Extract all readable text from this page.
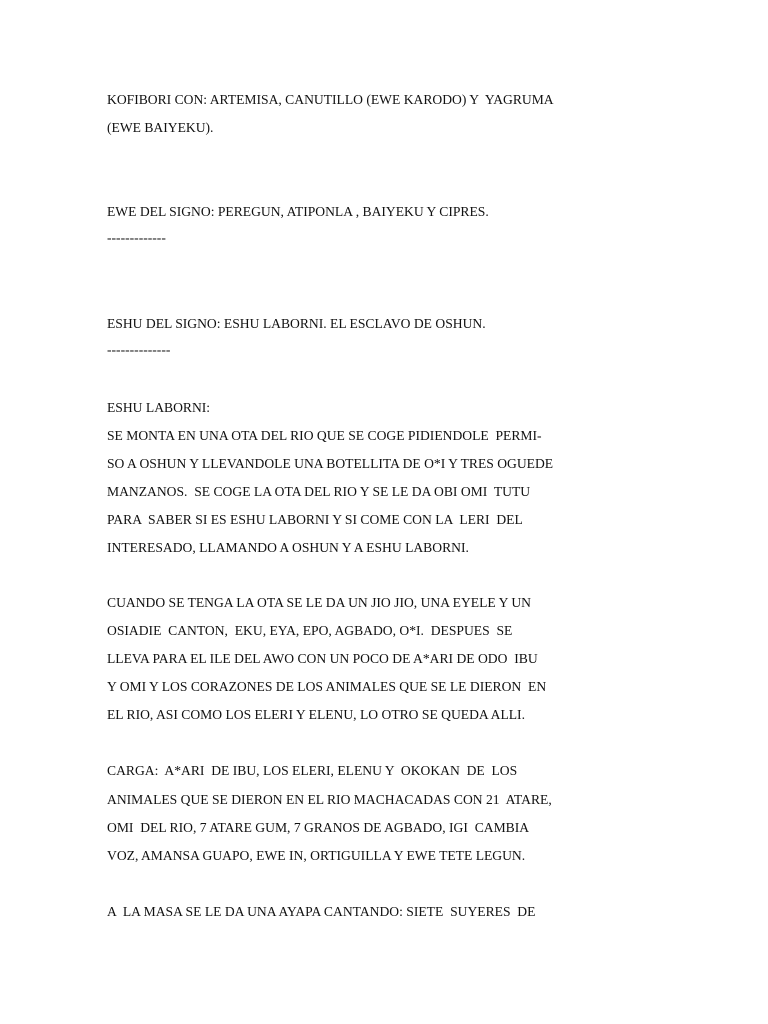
KOFIBORI CON: ARTEMISA, CANUTILLO (EWE KARODO) Y  YAGRUMA
(EWE BAIYEKU).
EWE DEL SIGNO: PEREGUN, ATIPONLA , BAIYEKU Y CIPRES.
-------------
ESHU DEL SIGNO: ESHU LABORNI. EL ESCLAVO DE OSHUN.
--------------
ESHU LABORNI:
SE MONTA EN UNA OTA DEL RIO QUE SE COGE PIDIENDOLE  PERMI-
SO A OSHUN Y LLEVANDOLE UNA BOTELLITA DE O*I Y TRES OGUEDE
MANZANOS.  SE COGE LA OTA DEL RIO Y SE LE DA OBI OMI  TUTU
PARA  SABER SI ES ESHU LABORNI Y SI COME CON LA  LERI  DEL
INTERESADO, LLAMANDO A OSHUN Y A ESHU LABORNI.
CUANDO SE TENGA LA OTA SE LE DA UN JIO JIO, UNA EYELE Y UN
OSIADIE  CANTON,  EKU, EYA, EPO, AGBADO, O*I.  DESPUES  SE
LLEVA PARA EL ILE DEL AWO CON UN POCO DE A*ARI DE ODO  IBU
Y OMI Y LOS CORAZONES DE LOS ANIMALES QUE SE LE DIERON  EN
EL RIO, ASI COMO LOS ELERI Y ELENU, LO OTRO SE QUEDA ALLI.
CARGA:  A*ARI  DE IBU, LOS ELERI, ELENU Y  OKOKAN  DE  LOS
ANIMALES QUE SE DIERON EN EL RIO MACHACADAS CON 21  ATARE,
OMI  DEL RIO, 7 ATARE GUM, 7 GRANOS DE AGBADO, IGI  CAMBIA
VOZ, AMANSA GUAPO, EWE IN, ORTIGUILLA Y EWE TETE LEGUN.
A  LA MASA SE LE DA UNA AYAPA CANTANDO: SIETE  SUYERES  DE
